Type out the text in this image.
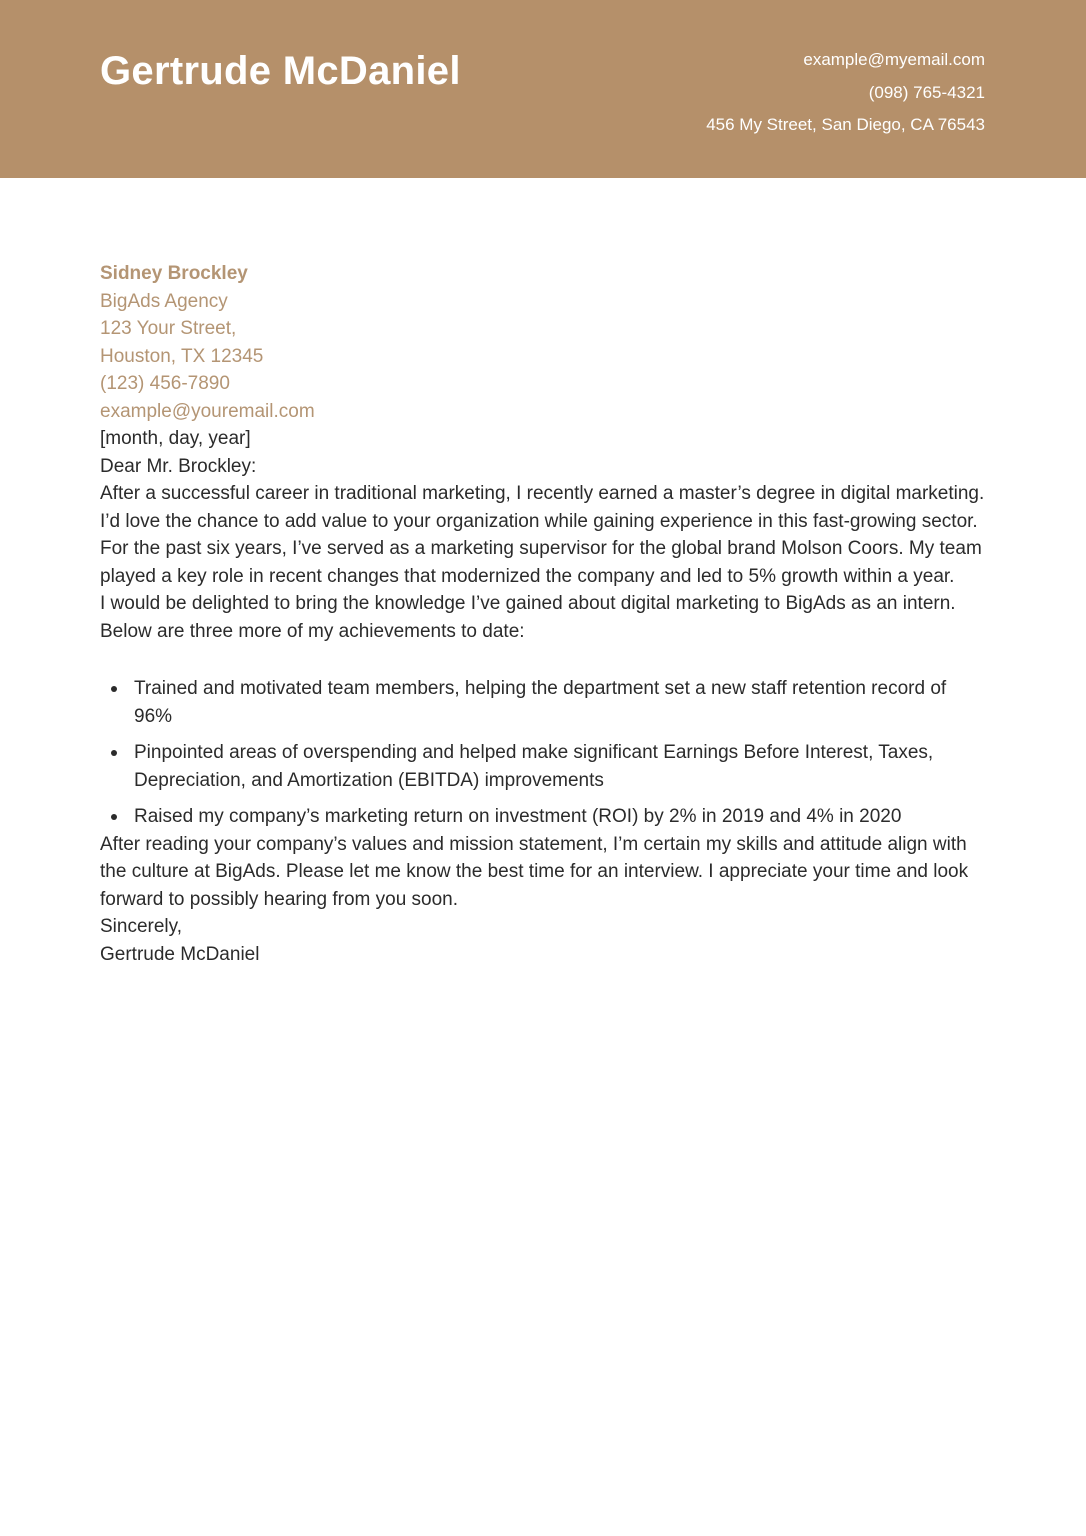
Gertrude McDaniel	example@myemail.com
(098) 765-4321
456 My Street, San Diego, CA 76543
Sidney Brockley
BigAds Agency
123 Your Street,
Houston, TX 12345
(123) 456-7890
example@youremail.com

[month, day, year]

Dear Mr. Brockley:

After a successful career in traditional marketing, I recently earned a master’s degree in digital marketing. I’d love the chance to add value to your organization while gaining experience in this fast-growing sector.

For the past six years, I’ve served as a marketing supervisor for the global brand Molson Coors. My team played a key role in recent changes that modernized the company and led to 5% growth within a year.

I would be delighted to bring the knowledge I’ve gained about digital marketing to BigAds as an intern. Below are three more of my achievements to date:

Trained and motivated team members, helping the department set a new staff retention record of 96%
Pinpointed areas of overspending and helped make significant Earnings Before Interest, Taxes, Depreciation, and Amortization (EBITDA) improvements
Raised my company’s marketing return on investment (ROI) by 2% in 2019 and 4% in 2020

After reading your company’s values and mission statement, I’m certain my skills and attitude align with the culture at BigAds. Please let me know the best time for an interview. I appreciate your time and look forward to possibly hearing from you soon.

Sincerely,

Gertrude McDaniel
